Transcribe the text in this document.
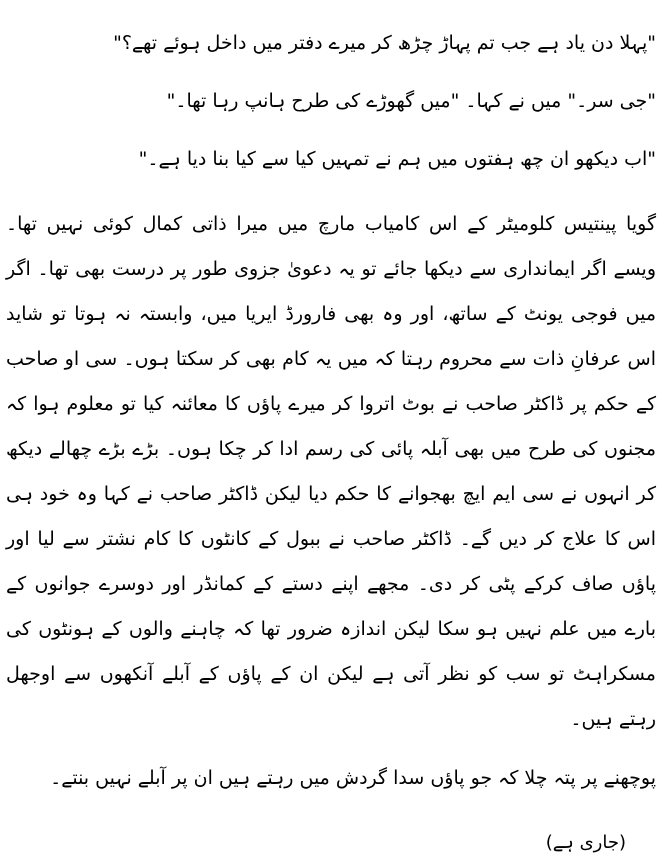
"پہلا دن یاد ہے جب تم پہاڑ چڑھ کر میرے دفتر میں داخل ہوئے تھے؟"

"جی سر۔" میں نے کہا۔ "میں گھوڑے کی طرح ہانپ رہا تھا۔"

"اب دیکھو ان چھ ہفتوں میں ہم نے تمہیں کیا سے کیا بنا دیا ہے۔"

گویا پینتیس کلومیٹر کے اس کامیاب مارچ میں میرا ذاتی کمال کوئی نہیں تھا۔ ویسے اگر ایمانداری سے دیکھا جائے تو یہ دعویٰ جزوی طور پر درست بھی تھا۔ اگر میں فوجی یونٹ کے ساتھ، اور وہ بھی فارورڈ ایریا میں، وابستہ نہ ہوتا تو شاید اس عرفانِ ذات سے محروم رہتا کہ میں یہ کام بھی کر سکتا ہوں۔ سی او صاحب کے حکم پر ڈاکٹر صاحب نے بوٹ اتروا کر میرے پاؤں کا معائنہ کیا تو معلوم ہوا کہ مجنوں کی طرح میں بھی آبلہ پائی کی رسم ادا کر چکا ہوں۔ بڑے بڑے چھالے دیکھ کر انہوں نے سی ایم ایچ بھجوانے کا حکم دیا لیکن ڈاکٹر صاحب نے کہا وہ خود ہی اس کا علاج کر دیں گے۔ ڈاکٹر صاحب نے ببول کے کانٹوں کا کام نشتر سے لیا اور پاؤں صاف کرکے پٹی کر دی۔ مجھے اپنے دستے کے کمانڈر اور دوسرے جوانوں کے بارے میں علم نہیں ہو سکا لیکن اندازہ ضرور تھا کہ چاہنے والوں کے ہونٹوں کی مسکراہٹ تو سب کو نظر آتی ہے لیکن ان کے پاؤں کے آبلے آنکھوں سے اوجھل رہتے ہیں۔

پوچھنے پر پتہ چلا کہ جو پاؤں سدا گردش میں رہتے ہیں ان پر آبلے نہیں بنتے۔

(جاری ہے)
